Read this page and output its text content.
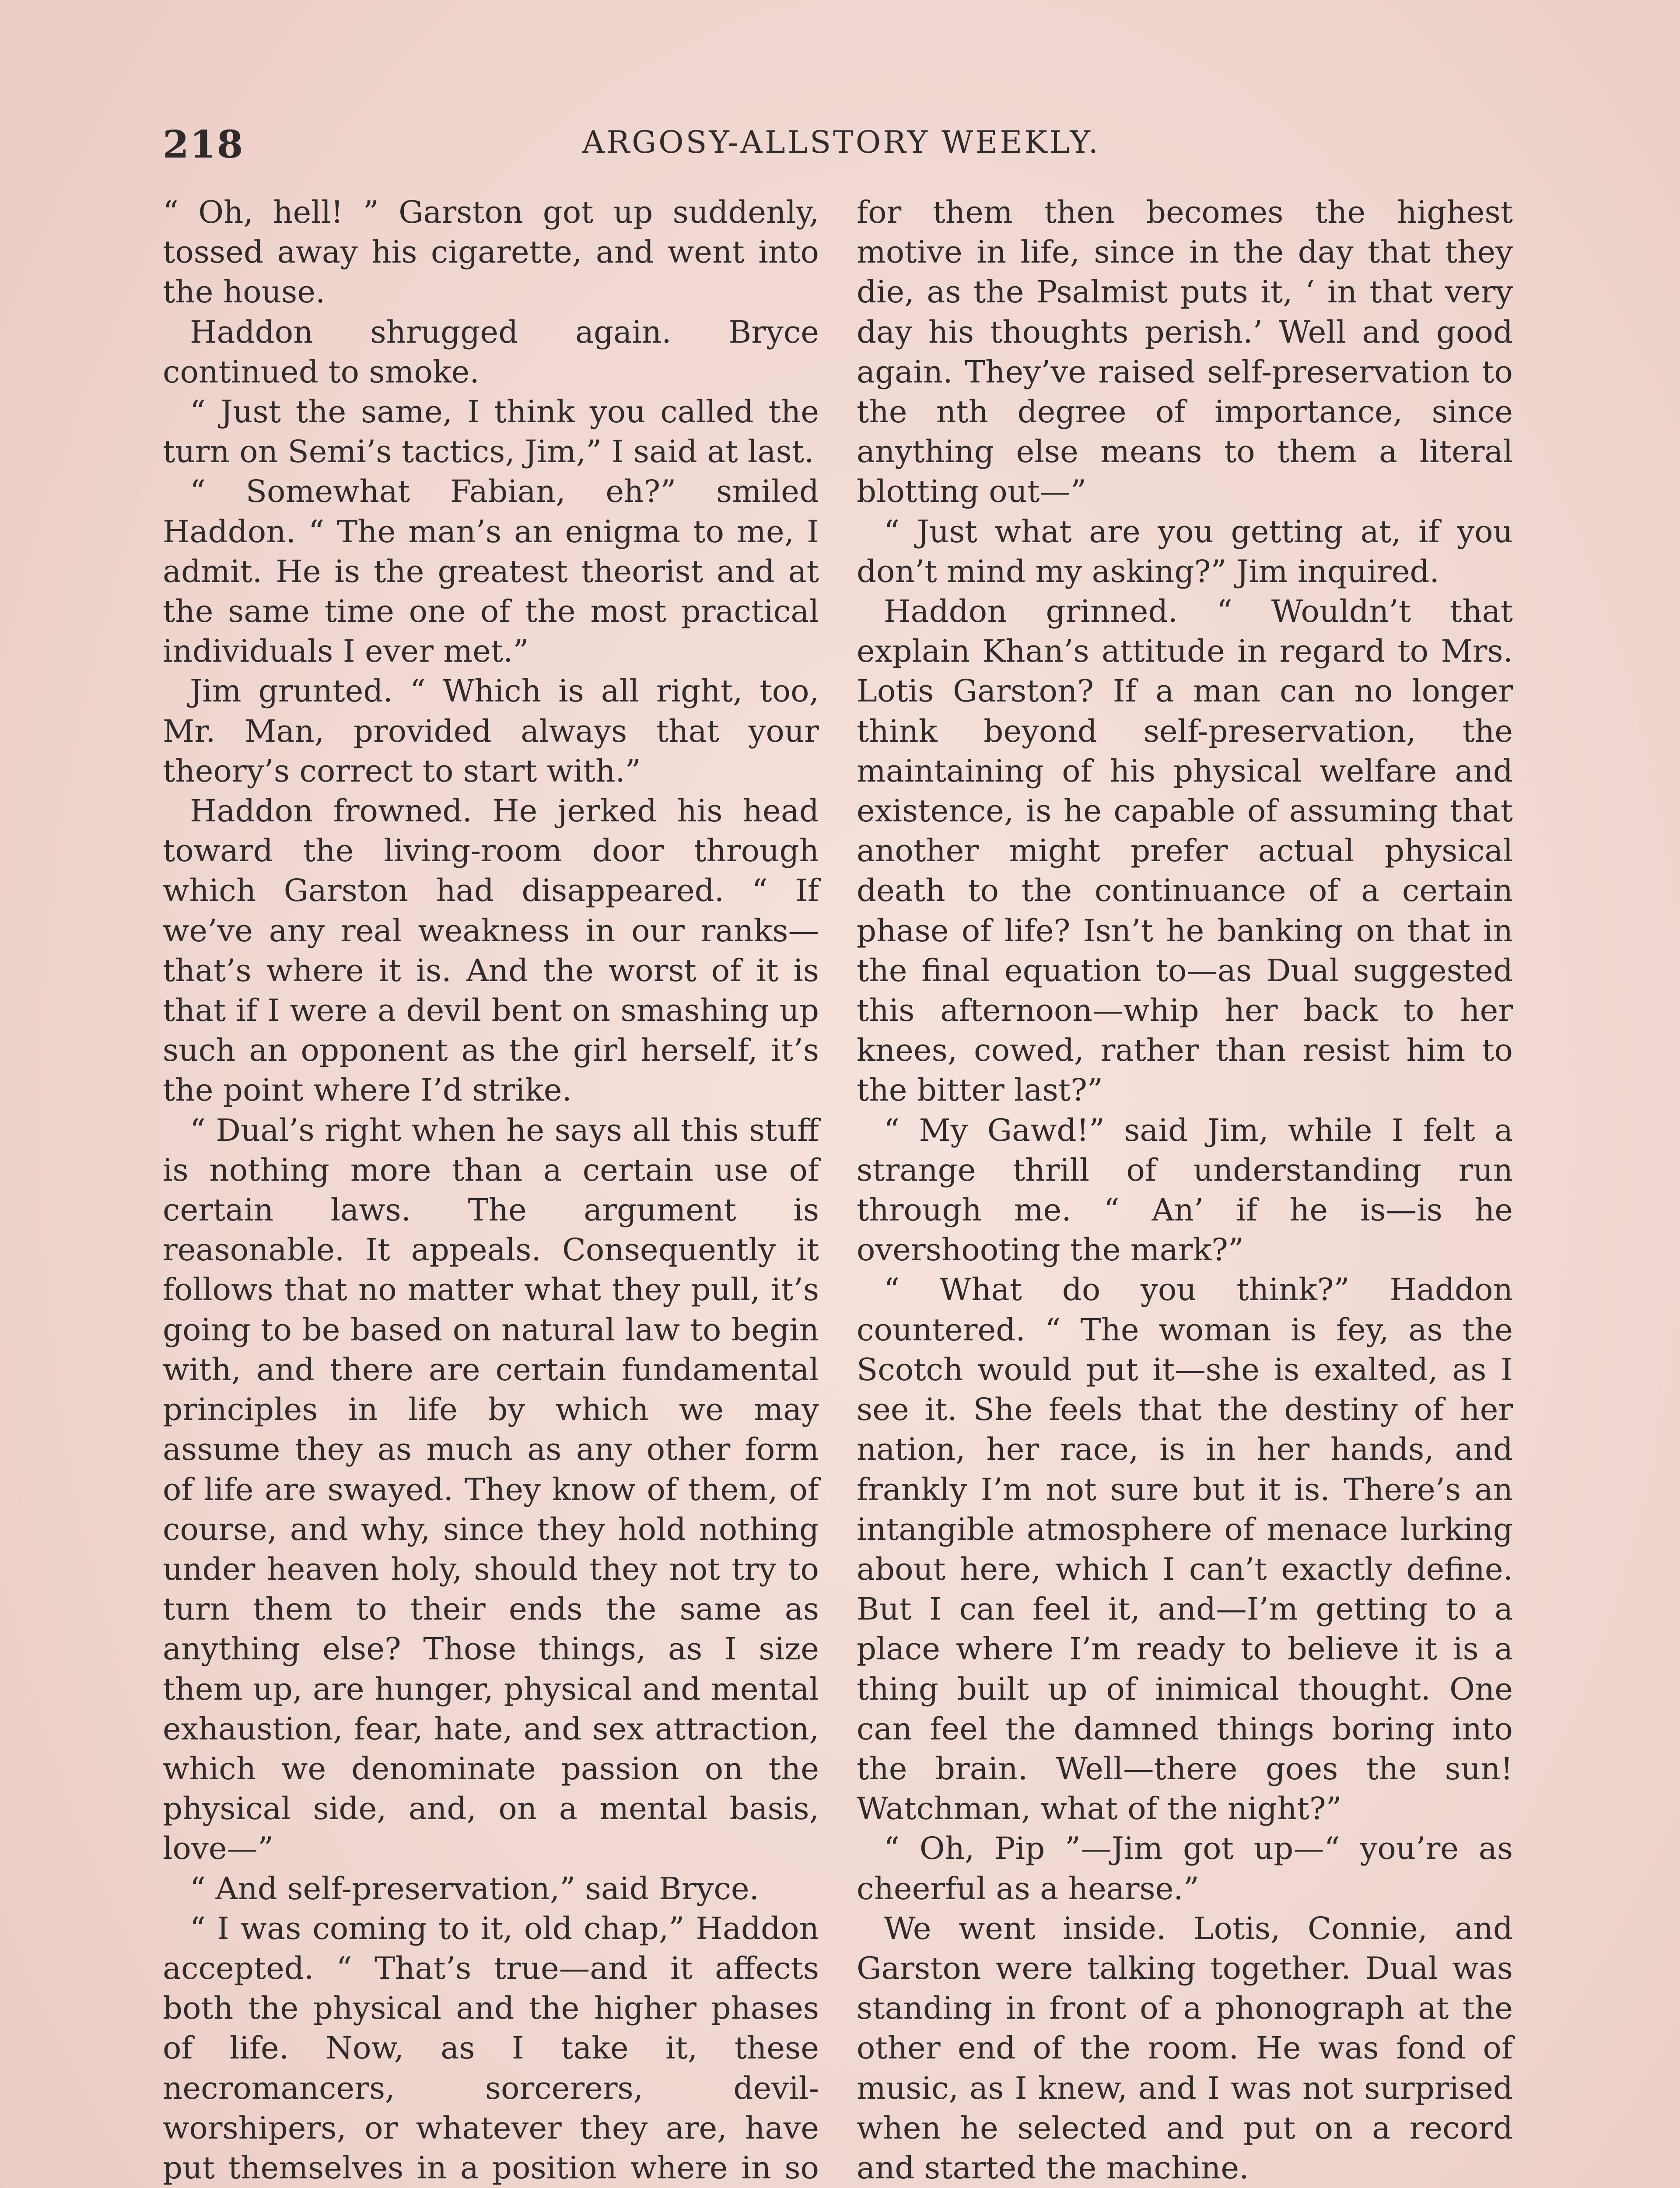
218	ARGOSY-ALLSTORY WEEKLY.

“ Oh, hell! ” Garston got up suddenly, tossed away his cigarette, and went into the house.

Haddon shrugged again. Bryce continued to smoke.

“ Just the same, I think you called the turn on Semi’s tactics, Jim,” I said at last.

“ Somewhat Fabian, eh?” smiled Haddon. “ The man’s an enigma to me, I admit. He is the greatest theorist and at the same time one of the most practical individuals I ever met.”

Jim grunted. “ Which is all right, too, Mr. Man, provided always that your theory’s correct to start with.”

Haddon frowned. He jerked his head toward the living-room door through which Garston had disappeared. “ If we’ve any real weakness in our ranks—that’s where it is. And the worst of it is that if I were a devil bent on smashing up such an opponent as the girl herself, it’s the point where I’d strike.

“ Dual’s right when he says all this stuff is nothing more than a certain use of certain laws. The argument is reasonable. It appeals. Consequently it follows that no matter what they pull, it’s going to be based on natural law to begin with, and there are certain fundamental principles in life by which we may assume they as much as any other form of life are swayed. They know of them, of course, and why, since they hold nothing under heaven holy, should they not try to turn them to their ends the same as anything else? Those things, as I size them up, are hunger, physical and mental exhaustion, fear, hate, and sex attraction, which we denominate passion on the physical side, and, on a mental basis, love—”

“ And self-preservation,” said Bryce.

“ I was coming to it, old chap,” Haddon accepted. “ That’s true—and it affects both the physical and the higher phases of life. Now, as I take it, these necromancers, sorcerers, devil-worshipers, or whatever they are, have put themselves in a position where in so

for them then becomes the highest motive in life, since in the day that they die, as the Psalmist puts it, ‘ in that very day his thoughts perish.’ Well and good again. They’ve raised self-preservation to the nth degree of importance, since anything else means to them a literal blotting out—”

“ Just what are you getting at, if you don’t mind my asking?” Jim inquired.

Haddon grinned. “ Wouldn’t that explain Khan’s attitude in regard to Mrs. Lotis Garston? If a man can no longer think beyond self-preservation, the maintaining of his physical welfare and existence, is he capable of assuming that another might prefer actual physical death to the continuance of a certain phase of life? Isn’t he banking on that in the final equation to—as Dual suggested this afternoon—whip her back to her knees, cowed, rather than resist him to the bitter last?”

“ My Gawd!” said Jim, while I felt a strange thrill of understanding run through me. “ An’ if he is—is he overshooting the mark?”

“ What do you think?” Haddon countered. “ The woman is fey, as the Scotch would put it—she is exalted, as I see it. She feels that the destiny of her nation, her race, is in her hands, and frankly I’m not sure but it is. There’s an intangible atmosphere of menace lurking about here, which I can’t exactly define. But I can feel it, and—I’m getting to a place where I’m ready to believe it is a thing built up of inimical thought. One can feel the damned things boring into the brain. Well—there goes the sun! Watchman, what of the night?”

“ Oh, Pip ”—Jim got up—“ you’re as cheerful as a hearse.”

We went inside. Lotis, Connie, and Garston were talking together. Dual was standing in front of a phonograph at the other end of the room. He was fond of music, as I knew, and I was not surprised when he selected and put on a record and started the machine.
